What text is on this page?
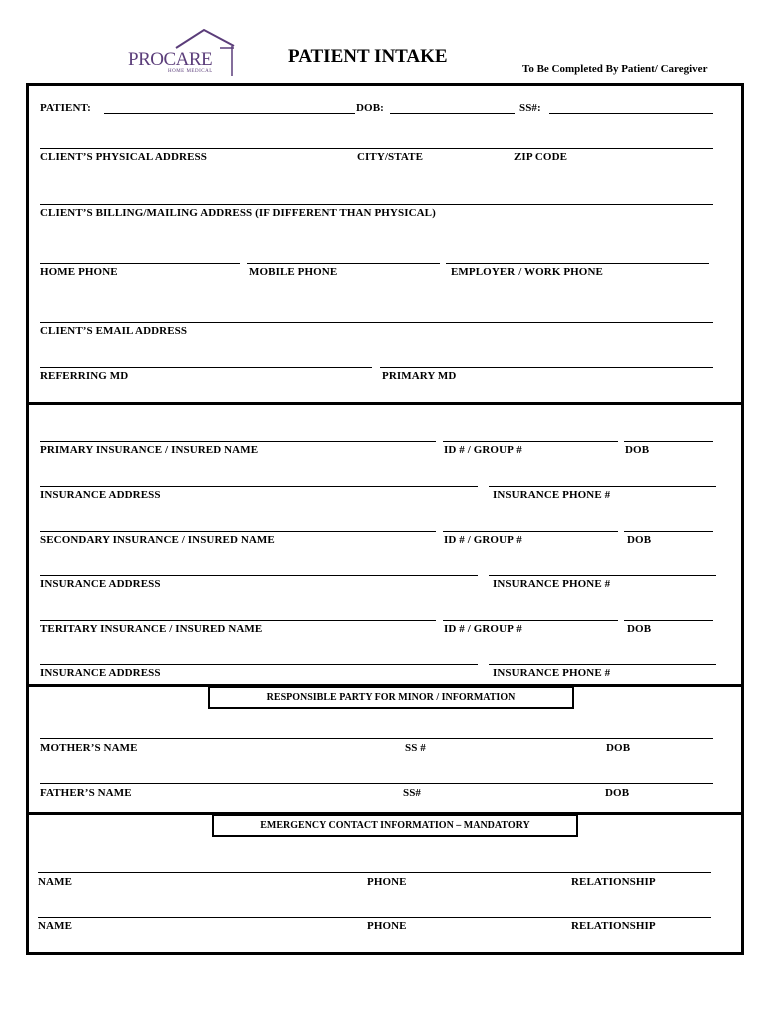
PROCARE
HOME MEDICAL
PATIENT INTAKE
To Be Completed By Patient/ Caregiver
PATIENT:	DOB:	SS#:
CLIENT’S PHYSICAL ADDRESS	CITY/STATE	ZIP CODE
CLIENT’S BILLING/MAILING ADDRESS (IF DIFFERENT THAN PHYSICAL)
HOME PHONE	MOBILE PHONE	EMPLOYER / WORK PHONE
CLIENT’S EMAIL ADDRESS
REFERRING MD	PRIMARY MD
PRIMARY INSURANCE / INSURED NAME	ID # / GROUP #	DOB
INSURANCE ADDRESS	INSURANCE PHONE #
SECONDARY INSURANCE / INSURED NAME	ID # / GROUP #	DOB
INSURANCE ADDRESS	INSURANCE PHONE #
TERITARY INSURANCE / INSURED NAME	ID # / GROUP #	DOB
INSURANCE ADDRESS	INSURANCE PHONE #
RESPONSIBLE PARTY FOR MINOR / INFORMATION
MOTHER’S NAME	SS #	DOB
FATHER’S NAME	SS#	DOB
EMERGENCY CONTACT INFORMATION – MANDATORY
NAME	PHONE	RELATIONSHIP
NAME	PHONE	RELATIONSHIP
